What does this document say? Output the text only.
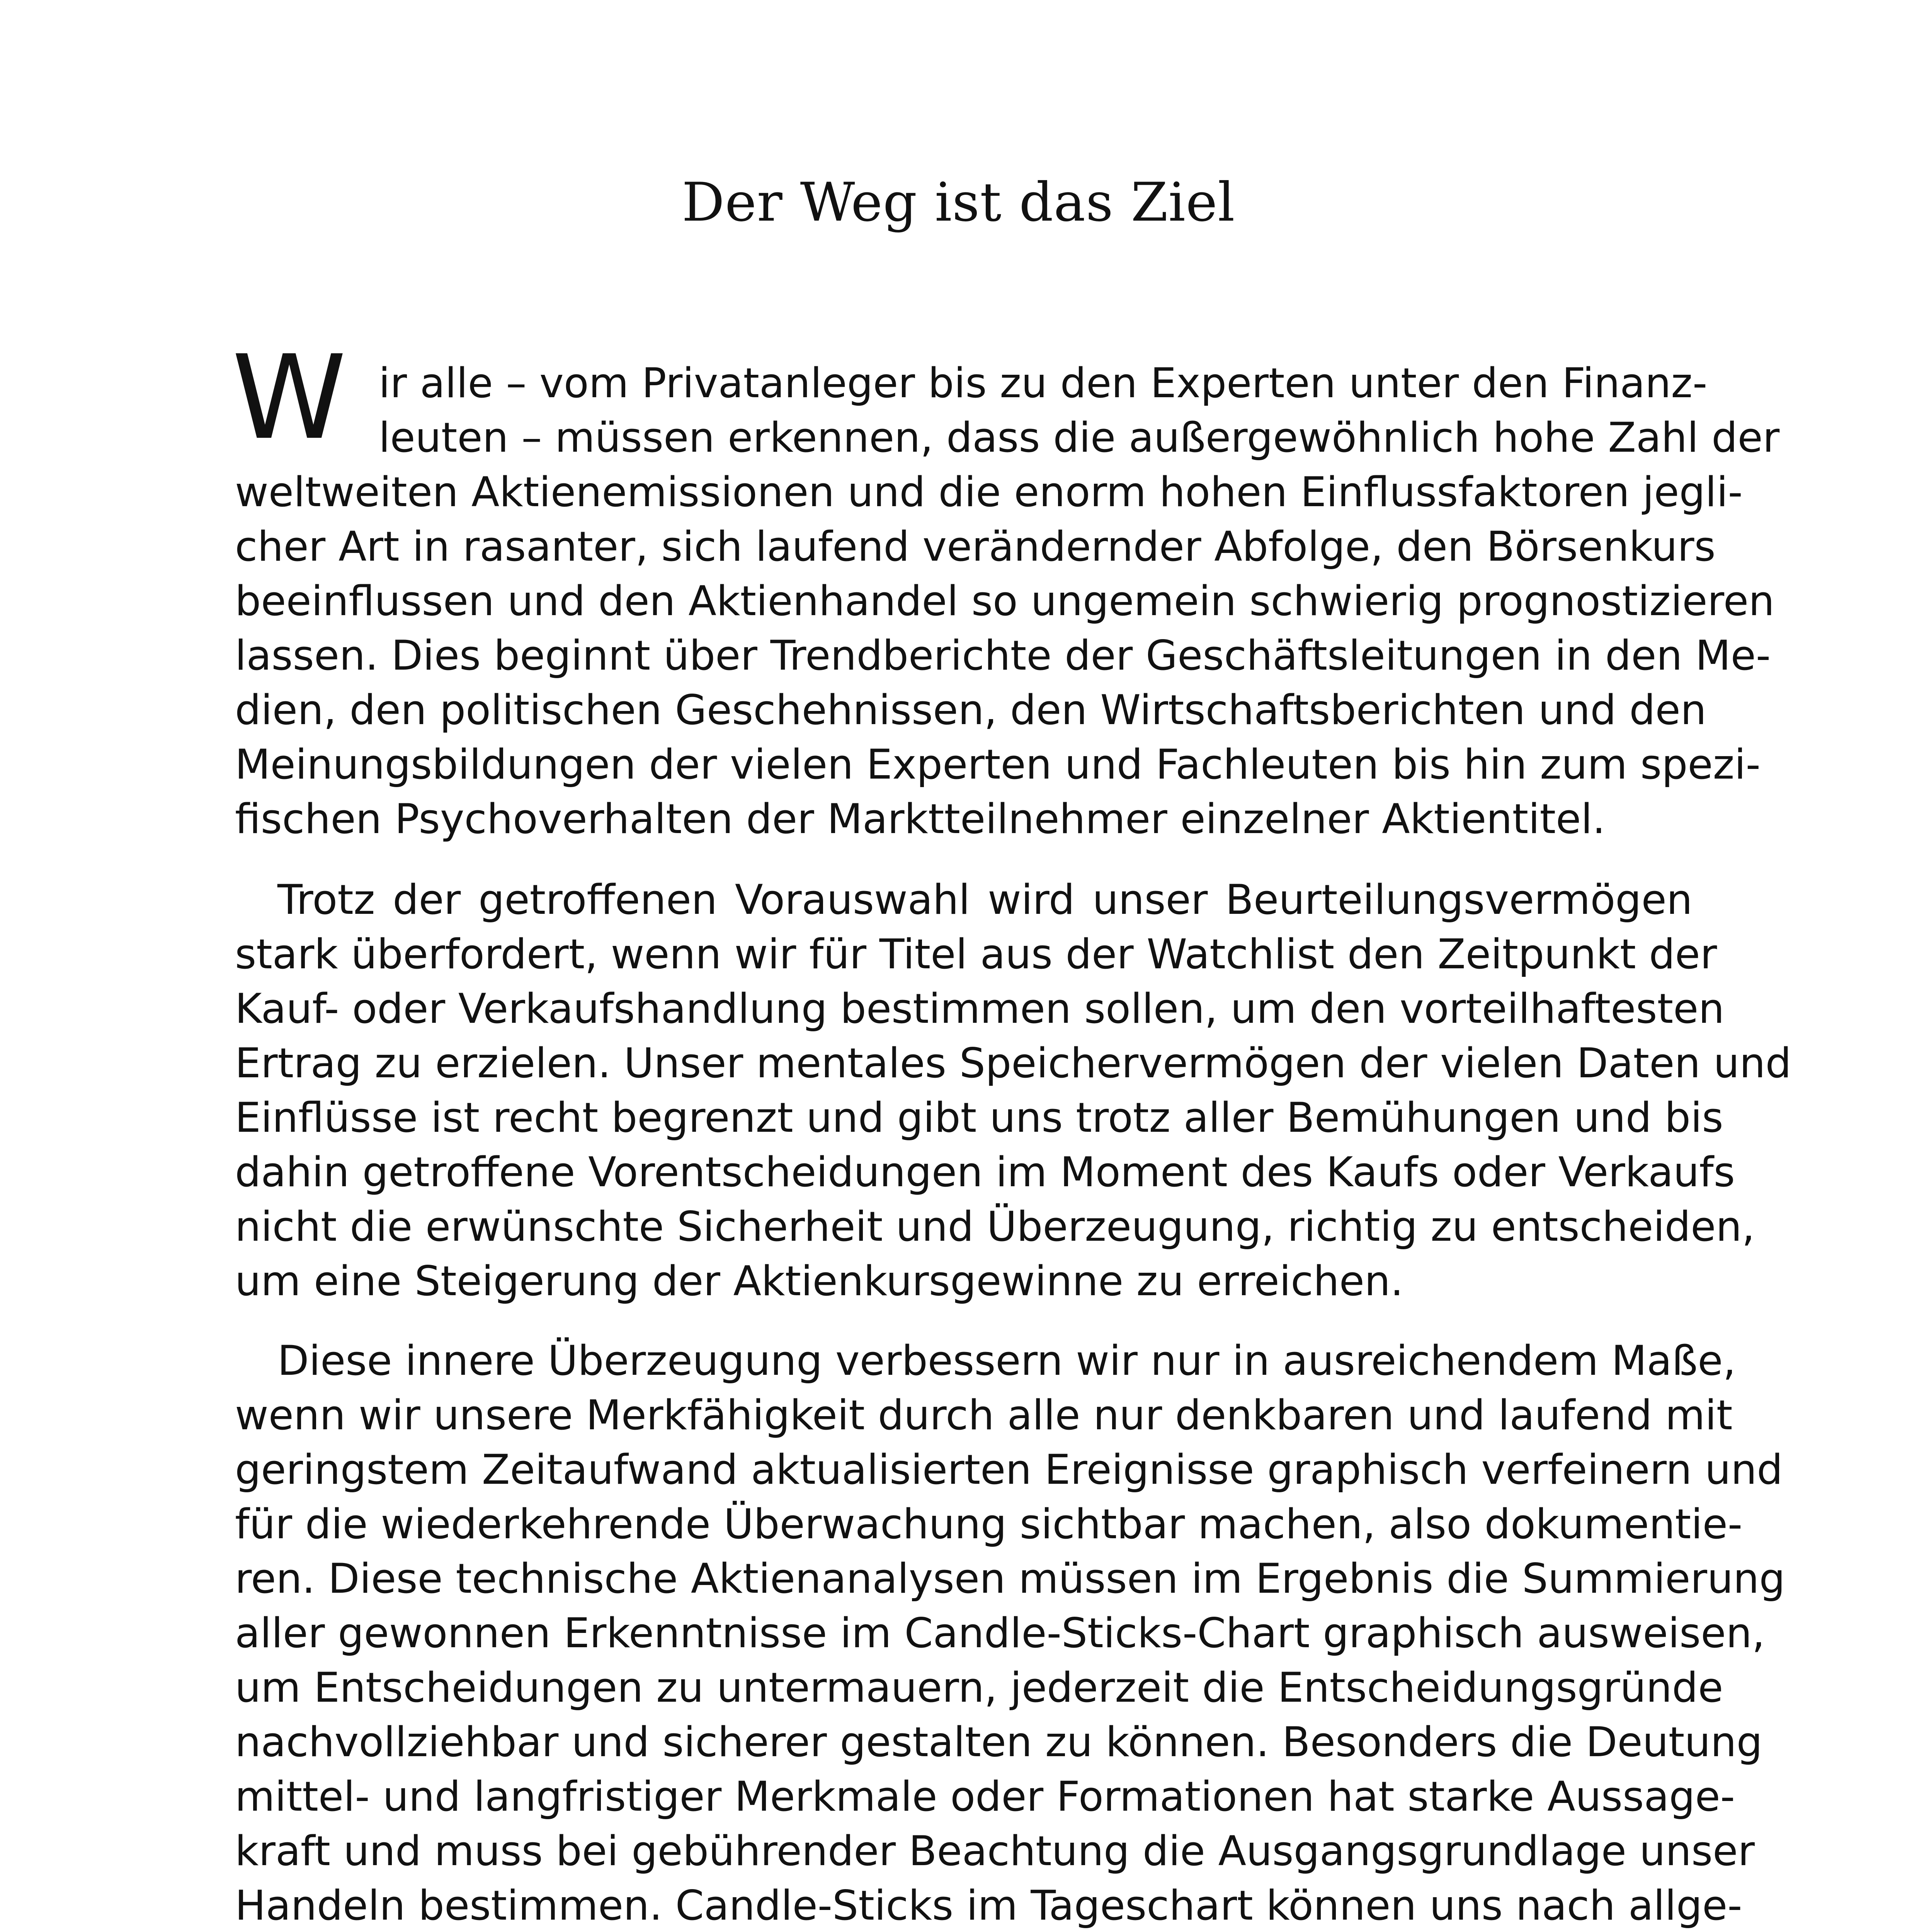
Der Weg ist das Ziel
W ir alle – vom Privatanleger bis zu den Experten unter den Finanz-
leuten – müssen erkennen, dass die außergewöhnlich hohe Zahl der
weltweiten Aktienemissionen und die enorm hohen Einflussfaktoren jegli-
cher Art in rasanter, sich laufend verändernder Abfolge, den Börsenkurs
beeinflussen und den Aktienhandel so ungemein schwierig prognostizieren
lassen. Dies beginnt über Trendberichte der Geschäftsleitungen in den Me-
dien, den politischen Geschehnissen, den Wirtschaftsberichten und den
Meinungsbildungen der vielen Experten und Fachleuten bis hin zum spezi-
fischen Psychoverhalten der Marktteilnehmer einzelner Aktientitel.
Trotz der getroffenen Vorauswahl wird unser Beurteilungsvermögen
stark überfordert, wenn wir für Titel aus der Watchlist den Zeitpunkt der
Kauf- oder Verkaufshandlung bestimmen sollen, um den vorteilhaftesten
Ertrag zu erzielen. Unser mentales Speichervermögen der vielen Daten und
Einflüsse ist recht begrenzt und gibt uns trotz aller Bemühungen und bis
dahin getroffene Vorentscheidungen im Moment des Kaufs oder Verkaufs
nicht die erwünschte Sicherheit und Überzeugung, richtig zu entscheiden,
um eine Steigerung der Aktienkursgewinne zu erreichen.
Diese innere Überzeugung verbessern wir nur in ausreichendem Maße,
wenn wir unsere Merkfähigkeit durch alle nur denkbaren und laufend mit
geringstem Zeitaufwand aktualisierten Ereignisse graphisch verfeinern und
für die wiederkehrende Überwachung sichtbar machen, also dokumentie-
ren. Diese technische Aktienanalysen müssen im Ergebnis die Summierung
aller gewonnen Erkenntnisse im Candle-Sticks-Chart graphisch ausweisen,
um Entscheidungen zu untermauern, jederzeit die Entscheidungsgründe
nachvollziehbar und sicherer gestalten zu können. Besonders die Deutung
mittel- und langfristiger Merkmale oder Formationen hat starke Aussage-
kraft und muss bei gebührender Beachtung die Ausgangsgrundlage unser
Handeln bestimmen. Candle-Sticks im Tageschart können uns nach allge-
